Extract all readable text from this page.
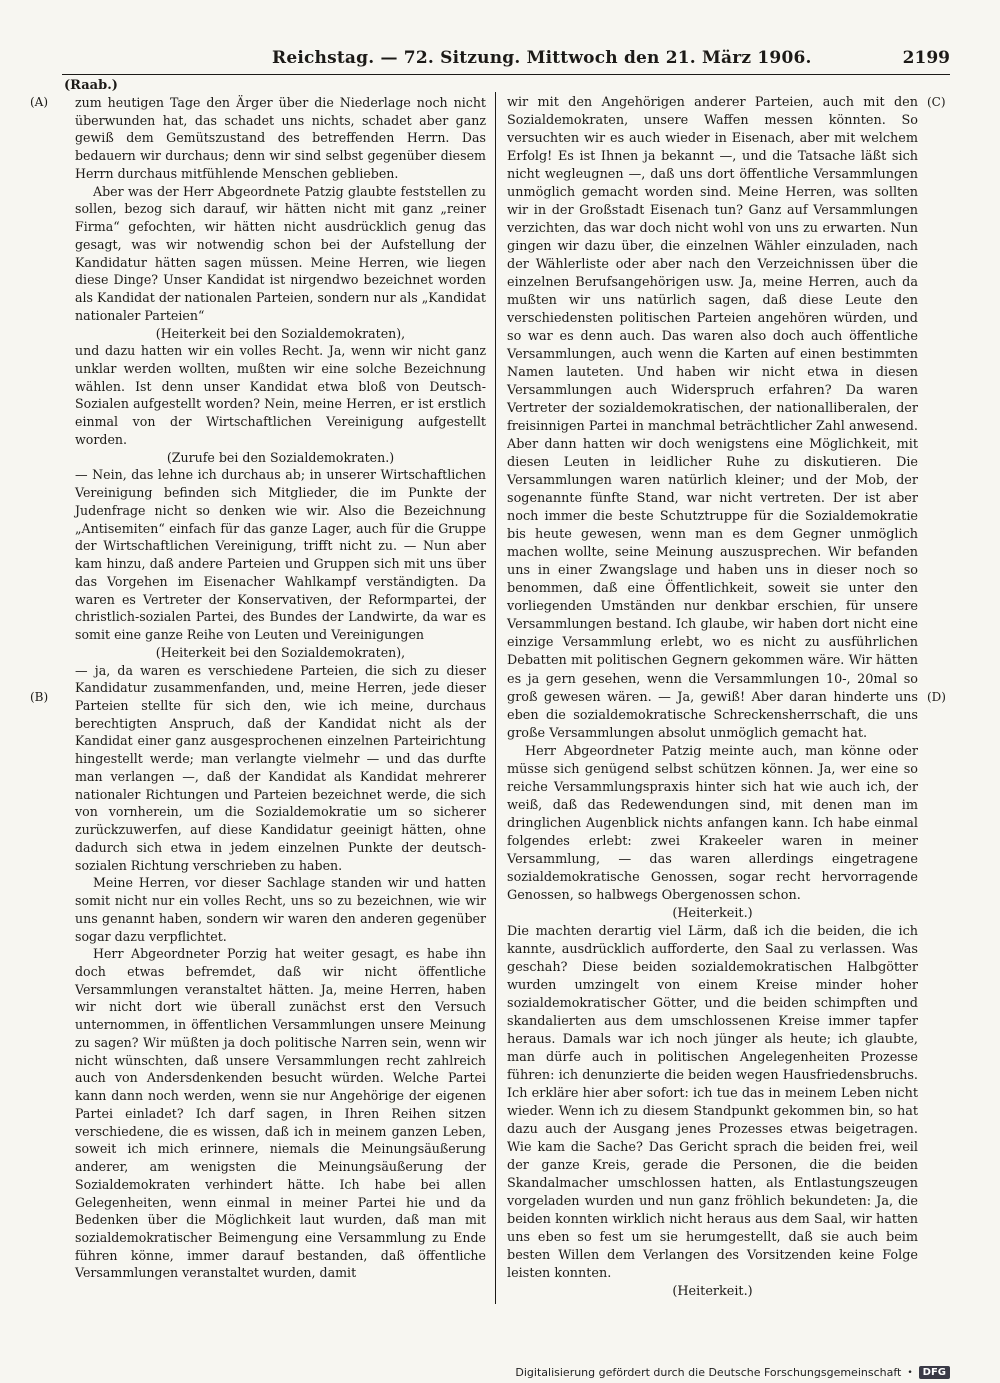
Reichstag. — 72. Sitzung. Mittwoch den 21. März 1906.	2199
(Raab.)
(A)
(B)
(C)
(D)

zum heutigen Tage den Ärger über die Niederlage noch nicht überwunden hat, das schadet uns nichts, schadet aber ganz gewiß dem Gemütszustand des betreffenden Herrn. Das bedauern wir durchaus; denn wir sind selbst gegenüber diesem Herrn durchaus mitfühlende Menschen geblieben.

Aber was der Herr Abgeordnete Patzig glaubte feststellen zu sollen, bezog sich darauf, wir hätten nicht mit ganz „reiner Firma“ gefochten, wir hätten nicht ausdrücklich genug das gesagt, was wir notwendig schon bei der Aufstellung der Kandidatur hätten sagen müssen. Meine Herren, wie liegen diese Dinge? Unser Kandidat ist nirgendwo bezeichnet worden als Kandidat der nationalen Parteien, sondern nur als „Kandidat nationaler Parteien“

(Heiterkeit bei den Sozialdemokraten),

und dazu hatten wir ein volles Recht. Ja, wenn wir nicht ganz unklar werden wollten, mußten wir eine solche Bezeichnung wählen. Ist denn unser Kandidat etwa bloß von Deutsch-Sozialen aufgestellt worden? Nein, meine Herren, er ist erstlich einmal von der Wirtschaftlichen Vereinigung aufgestellt worden.

(Zurufe bei den Sozialdemokraten.)

— Nein, das lehne ich durchaus ab; in unserer Wirtschaftlichen Vereinigung befinden sich Mitglieder, die im Punkte der Judenfrage nicht so denken wie wir. Also die Bezeichnung „Antisemiten“ einfach für das ganze Lager, auch für die Gruppe der Wirtschaftlichen Vereinigung, trifft nicht zu. — Nun aber kam hinzu, daß andere Parteien und Gruppen sich mit uns über das Vorgehen im Eisenacher Wahlkampf verständigten. Da waren es Vertreter der Konservativen, der Reformpartei, der christlich-sozialen Partei, des Bundes der Landwirte, da war es somit eine ganze Reihe von Leuten und Vereinigungen

(Heiterkeit bei den Sozialdemokraten),

— ja, da waren es verschiedene Parteien, die sich zu dieser Kandidatur zusammenfanden, und, meine Herren, jede dieser Parteien stellte für sich den, wie ich meine, durchaus berechtigten Anspruch, daß der Kandidat nicht als der Kandidat einer ganz ausgesprochenen einzelnen Parteirichtung hingestellt werde; man verlangte vielmehr — und das durfte man verlangen —, daß der Kandidat als Kandidat mehrerer nationaler Richtungen und Parteien bezeichnet werde, die sich von vornherein, um die Sozialdemokratie um so sicherer zurückzuwerfen, auf diese Kandidatur geeinigt hätten, ohne dadurch sich etwa in jedem einzelnen Punkte der deutsch-sozialen Richtung verschrieben zu haben.

Meine Herren, vor dieser Sachlage standen wir und hatten somit nicht nur ein volles Recht, uns so zu bezeichnen, wie wir uns genannt haben, sondern wir waren den anderen gegenüber sogar dazu verpflichtet.

Herr Abgeordneter Porzig hat weiter gesagt, es habe ihn doch etwas befremdet, daß wir nicht öffentliche Versammlungen veranstaltet hätten. Ja, meine Herren, haben wir nicht dort wie überall zunächst erst den Versuch unternommen, in öffentlichen Versammlungen unsere Meinung zu sagen? Wir müßten ja doch politische Narren sein, wenn wir nicht wünschten, daß unsere Versammlungen recht zahlreich auch von Andersdenkenden besucht würden. Welche Partei kann dann noch werden, wenn sie nur Angehörige der eigenen Partei einladet? Ich darf sagen, in Ihren Reihen sitzen verschiedene, die es wissen, daß ich in meinem ganzen Leben, soweit ich mich erinnere, niemals die Meinungsäußerung anderer, am wenigsten die Meinungsäußerung der Sozialdemokraten verhindert hätte. Ich habe bei allen Gelegenheiten, wenn einmal in meiner Partei hie und da Bedenken über die Möglichkeit laut wurden, daß man mit sozialdemokratischer Beimengung eine Versammlung zu Ende führen könne, immer darauf bestanden, daß öffentliche Versammlungen veranstaltet wurden, damit

wir mit den Angehörigen anderer Parteien, auch mit den Sozialdemokraten, unsere Waffen messen könnten. So versuchten wir es auch wieder in Eisenach, aber mit welchem Erfolg! Es ist Ihnen ja bekannt —, und die Tatsache läßt sich nicht wegleugnen —, daß uns dort öffentliche Versammlungen unmöglich gemacht worden sind. Meine Herren, was sollten wir in der Großstadt Eisenach tun? Ganz auf Versammlungen verzichten, das war doch nicht wohl von uns zu erwarten. Nun gingen wir dazu über, die einzelnen Wähler einzuladen, nach der Wählerliste oder aber nach den Verzeichnissen über die einzelnen Berufsangehörigen usw. Ja, meine Herren, auch da mußten wir uns natürlich sagen, daß diese Leute den verschiedensten politischen Parteien angehören würden, und so war es denn auch. Das waren also doch auch öffentliche Versammlungen, auch wenn die Karten auf einen bestimmten Namen lauteten. Und haben wir nicht etwa in diesen Versammlungen auch Widerspruch erfahren? Da waren Vertreter der sozialdemokratischen, der nationalliberalen, der freisinnigen Partei in manchmal beträchtlicher Zahl anwesend. Aber dann hatten wir doch wenigstens eine Möglichkeit, mit diesen Leuten in leidlicher Ruhe zu diskutieren. Die Versammlungen waren natürlich kleiner; und der Mob, der sogenannte fünfte Stand, war nicht vertreten. Der ist aber noch immer die beste Schutztruppe für die Sozialdemokratie bis heute gewesen, wenn man es dem Gegner unmöglich machen wollte, seine Meinung auszusprechen. Wir befanden uns in einer Zwangslage und haben uns in dieser noch so benommen, daß eine Öffentlichkeit, soweit sie unter den vorliegenden Umständen nur denkbar erschien, für unsere Versammlungen bestand. Ich glaube, wir haben dort nicht eine einzige Versammlung erlebt, wo es nicht zu ausführlichen Debatten mit politischen Gegnern gekommen wäre. Wir hätten es ja gern gesehen, wenn die Versammlungen 10-, 20mal so groß gewesen wären. — Ja, gewiß! Aber daran hinderte uns eben die sozialdemokratische Schreckensherrschaft, die uns große Versammlungen absolut unmöglich gemacht hat.

Herr Abgeordneter Patzig meinte auch, man könne oder müsse sich genügend selbst schützen können. Ja, wer eine so reiche Versammlungspraxis hinter sich hat wie auch ich, der weiß, daß das Redewendungen sind, mit denen man im dringlichen Augenblick nichts anfangen kann. Ich habe einmal folgendes erlebt: zwei Krakeeler waren in meiner Versammlung, — das waren allerdings eingetragene sozialdemokratische Genossen, sogar recht hervorragende Genossen, so halbwegs Obergenossen schon.

(Heiterkeit.)

Die machten derartig viel Lärm, daß ich die beiden, die ich kannte, ausdrücklich aufforderte, den Saal zu verlassen. Was geschah? Diese beiden sozialdemokratischen Halbgötter wurden umzingelt von einem Kreise minder hoher sozialdemokratischer Götter, und die beiden schimpften und skandalierten aus dem umschlossenen Kreise immer tapfer heraus. Damals war ich noch jünger als heute; ich glaubte, man dürfe auch in politischen Angelegenheiten Prozesse führen: ich denunzierte die beiden wegen Hausfriedensbruchs. Ich erkläre hier aber sofort: ich tue das in meinem Leben nicht wieder. Wenn ich zu diesem Standpunkt gekommen bin, so hat dazu auch der Ausgang jenes Prozesses etwas beigetragen. Wie kam die Sache? Das Gericht sprach die beiden frei, weil der ganze Kreis, gerade die Personen, die die beiden Skandalmacher umschlossen hatten, als Entlastungszeugen vorgeladen wurden und nun ganz fröhlich bekundeten: Ja, die beiden konnten wirklich nicht heraus aus dem Saal, wir hatten uns eben so fest um sie herumgestellt, daß sie auch beim besten Willen dem Verlangen des Vorsitzenden keine Folge leisten konnten.

(Heiterkeit.)

Digitalisierung gefördert durch die Deutsche Forschungsgemeinschaft •	DFG
